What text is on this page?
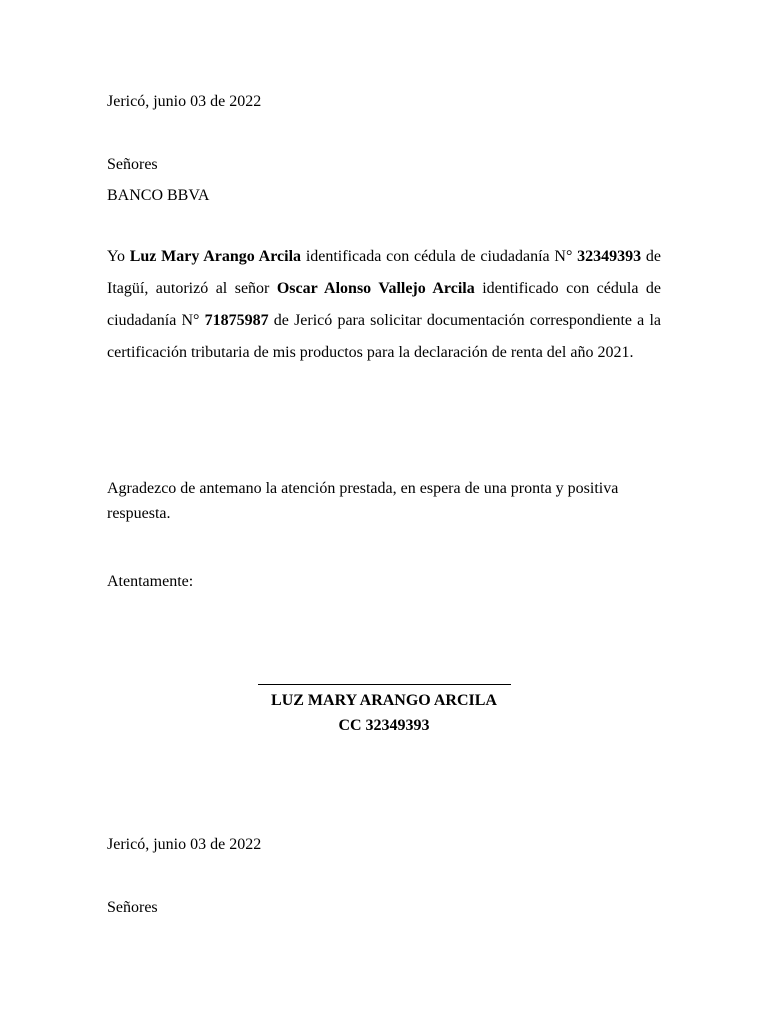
Jericó, junio 03 de 2022

Señores

BANCO BBVA

Yo Luz Mary Arango Arcila identificada con cédula de ciudadanía N° 32349393 de Itagüí, autorizó al señor Oscar Alonso Vallejo Arcila identificado con cédula de ciudadanía N° 71875987 de Jericó para solicitar documentación correspondiente a la certificación tributaria de mis productos para la declaración de renta del año 2021.

Agradezco de antemano la atención prestada, en espera de una pronta y positiva respuesta.

Atentamente:

LUZ MARY ARANGO ARCILA

CC 32349393

Jericó, junio 03 de 2022

Señores
